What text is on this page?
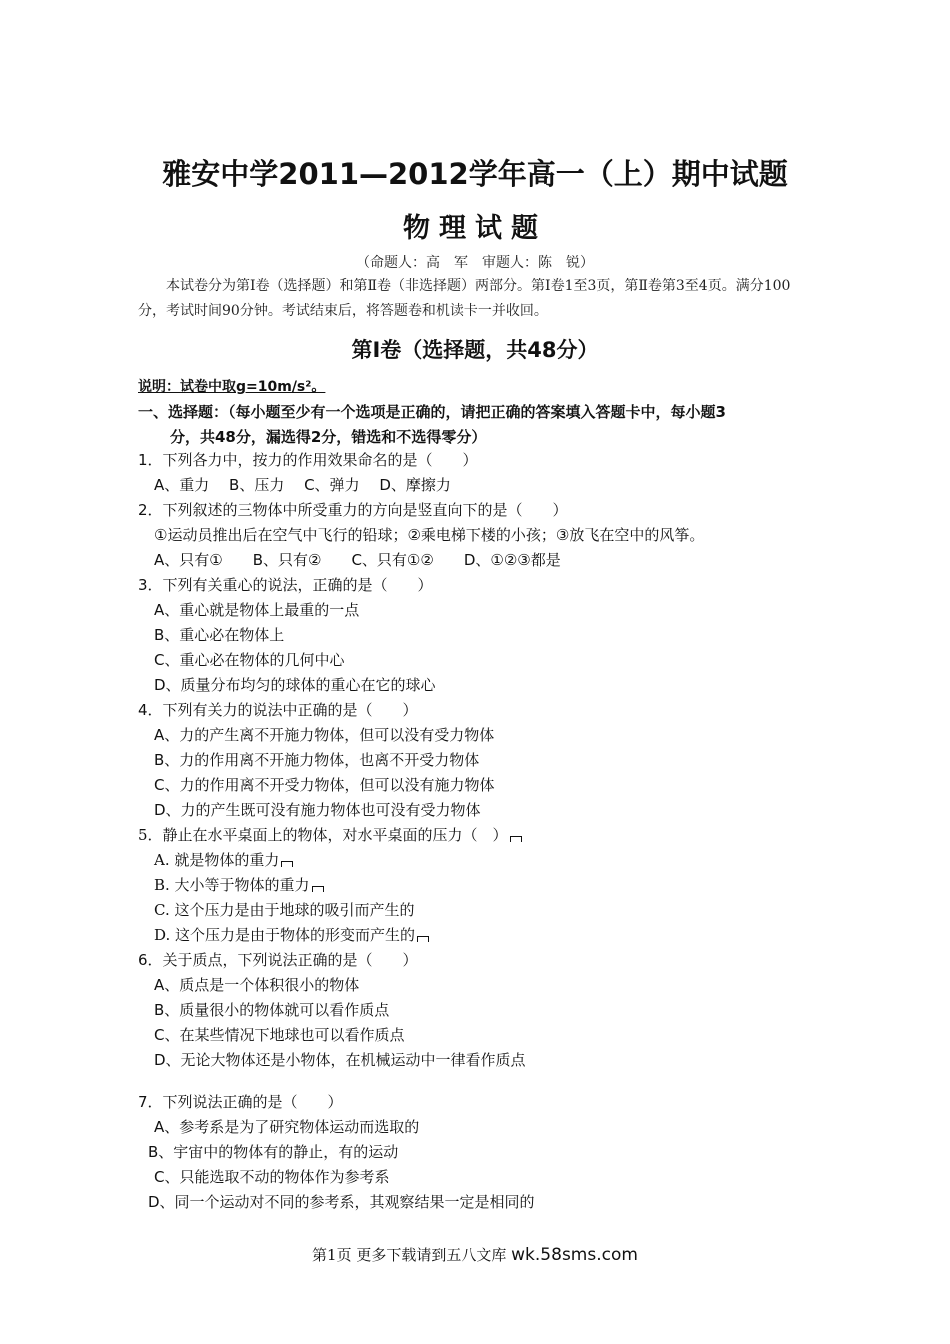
雅安中学2011—2012学年高一（上）期中试题
物理试题
（命题人：高　军　审题人：陈　锐）
本试卷分为第Ⅰ卷（选择题）和第Ⅱ卷（非选择题）两部分。第Ⅰ卷1至3页，第Ⅱ卷第3至4页。满分100分，考试时间90分钟。考试结束后，将答题卷和机读卡一并收回。
第Ⅰ卷（选择题，共48分）
说明：试卷中取g=10m/s²。
一、选择题：（每小题至少有一个选项是正确的，请把正确的答案填入答题卡中，每小题3
分，共48分，漏选得2分，错选和不选得零分）
1．下列各力中，按力的作用效果命名的是（　　）
A、重力　 B、压力　 C、弹力　 D、摩擦力
2．下列叙述的三物体中所受重力的方向是竖直向下的是（　　）
①运动员推出后在空气中飞行的铅球；②乘电梯下楼的小孩；③放飞在空中的风筝。
A、只有①　　B、只有②　　C、只有①②　　D、①②③都是
3．下列有关重心的说法，正确的是（　　）
A、重心就是物体上最重的一点
B、重心必在物体上
C、重心必在物体的几何中心
D、质量分布均匀的球体的重心在它的球心
4．下列有关力的说法中正确的是（　　）
A、力的产生离不开施力物体，但可以没有受力物体
B、力的作用离不开施力物体，也离不开受力物体
C、力的作用离不开受力物体，但可以没有施力物体
D、力的产生既可没有施力物体也可没有受力物体
5．静止在水平桌面上的物体，对水平桌面的压力（　）
A. 就是物体的重力
B. 大小等于物体的重力
C. 这个压力是由于地球的吸引而产生的
D. 这个压力是由于物体的形变而产生的
6．关于质点，下列说法正确的是（　　）
A、质点是一个体积很小的物体
B、质量很小的物体就可以看作质点
C、在某些情况下地球也可以看作质点
D、无论大物体还是小物体，在机械运动中一律看作质点
7．下列说法正确的是（　　）
A、参考系是为了研究物体运动而选取的
B、宇宙中的物体有的静止，有的运动
C、只能选取不动的物体作为参考系
D、同一个运动对不同的参考系，其观察结果一定是相同的
第1页 更多下载请到五八文库 wk.58sms.com
